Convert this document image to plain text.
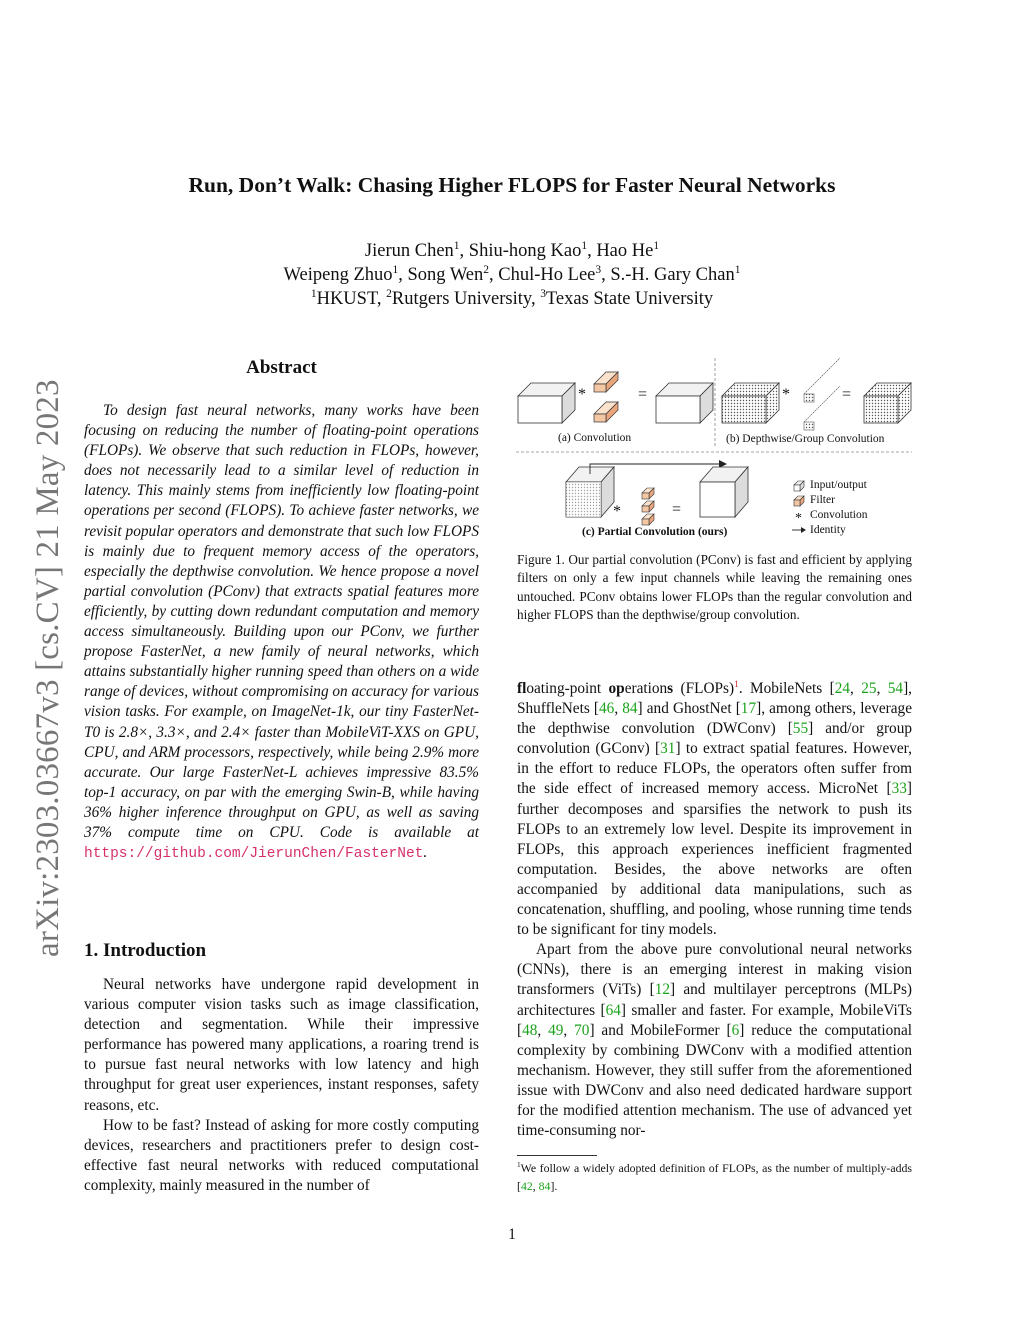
arXiv:2303.03667v3 [cs.CV] 21 May 2023
Run, Don’t Walk: Chasing Higher FLOPS for Faster Neural Networks
Jierun Chen$^1$, Shiu-hong Kao$^1$, Hao He$^1$
Weipeng Zhuo$^1$, Song Wen$^2$, Chul-Ho Lee$^3$, S.-H. Gary Chan$^1$
$^1$HKUST, $^2$Rutgers University, $^3$Texas State University
Abstract

To design fast neural networks, many works have been focusing on reducing the number of floating-point operations (FLOPs). We observe that such reduction in FLOPs, however, does not necessarily lead to a similar level of reduction in latency. This mainly stems from inefficiently low floating-point operations per second (FLOPS). To achieve faster networks, we revisit popular operators and demonstrate that such low FLOPS is mainly due to frequent memory access of the operators, especially the depthwise convolution. We hence propose a novel partial convolution (PConv) that extracts spatial features more efficiently, by cutting down redundant computation and memory access simultaneously. Building upon our PConv, we further propose FasterNet, a new family of neural networks, which attains substantially higher running speed than others on a wide range of devices, without compromising on accuracy for various vision tasks. For example, on ImageNet-1k, our tiny FasterNet-T0 is 2.8×, 3.3×, and 2.4× faster than MobileViT-XXS on GPU, CPU, and ARM processors, respectively, while being 2.9% more accurate. Our large FasterNet-L achieves impressive 83.5% top-1 accuracy, on par with the emerging Swin-B, while having 36% higher inference throughput on GPU, as well as saving 37% compute time on CPU. Code is available at https://github.com/JierunChen/FasterNet.

1. Introduction

Neural networks have undergone rapid development in various computer vision tasks such as image classification, detection and segmentation. While their impressive performance has powered many applications, a roaring trend is to pursue fast neural networks with low latency and high throughput for great user experiences, instant responses, safety reasons, etc.

How to be fast? Instead of asking for more costly computing devices, researchers and practitioners prefer to design cost-effective fast neural networks with reduced computational complexity, mainly measured in the number of

*	=
(a) Convolution
*	=
(b) Depthwise/Group Convolution
*	=
(c) Partial Convolution (ours)
Input/output
Filter
* Convolution
Identity

Figure 1. Our partial convolution (PConv) is fast and efficient by applying filters on only a few input channels while leaving the remaining ones untouched. PConv obtains lower FLOPs than the regular convolution and higher FLOPS than the depthwise/group convolution.

floating-point operations (FLOPs)$^1$. MobileNets [24, 25, 54], ShuffleNets [46, 84] and GhostNet [17], among others, leverage the depthwise convolution (DWConv) [55] and/or group convolution (GConv) [31] to extract spatial features. However, in the effort to reduce FLOPs, the operators often suffer from the side effect of increased memory access. MicroNet [33] further decomposes and sparsifies the network to push its FLOPs to an extremely low level. Despite its improvement in FLOPs, this approach experiences inefficient fragmented computation. Besides, the above networks are often accompanied by additional data manipulations, such as concatenation, shuffling, and pooling, whose running time tends to be significant for tiny models.

Apart from the above pure convolutional neural networks (CNNs), there is an emerging interest in making vision transformers (ViTs) [12] and multilayer perceptrons (MLPs) architectures [64] smaller and faster. For example, MobileViTs [48, 49, 70] and MobileFormer [6] reduce the computational complexity by combining DWConv with a modified attention mechanism. However, they still suffer from the aforementioned issue with DWConv and also need dedicated hardware support for the modified attention mechanism. The use of advanced yet time-consuming nor-

$^1$We follow a widely adopted definition of FLOPs, as the number of multiply-adds [42, 84].

1
